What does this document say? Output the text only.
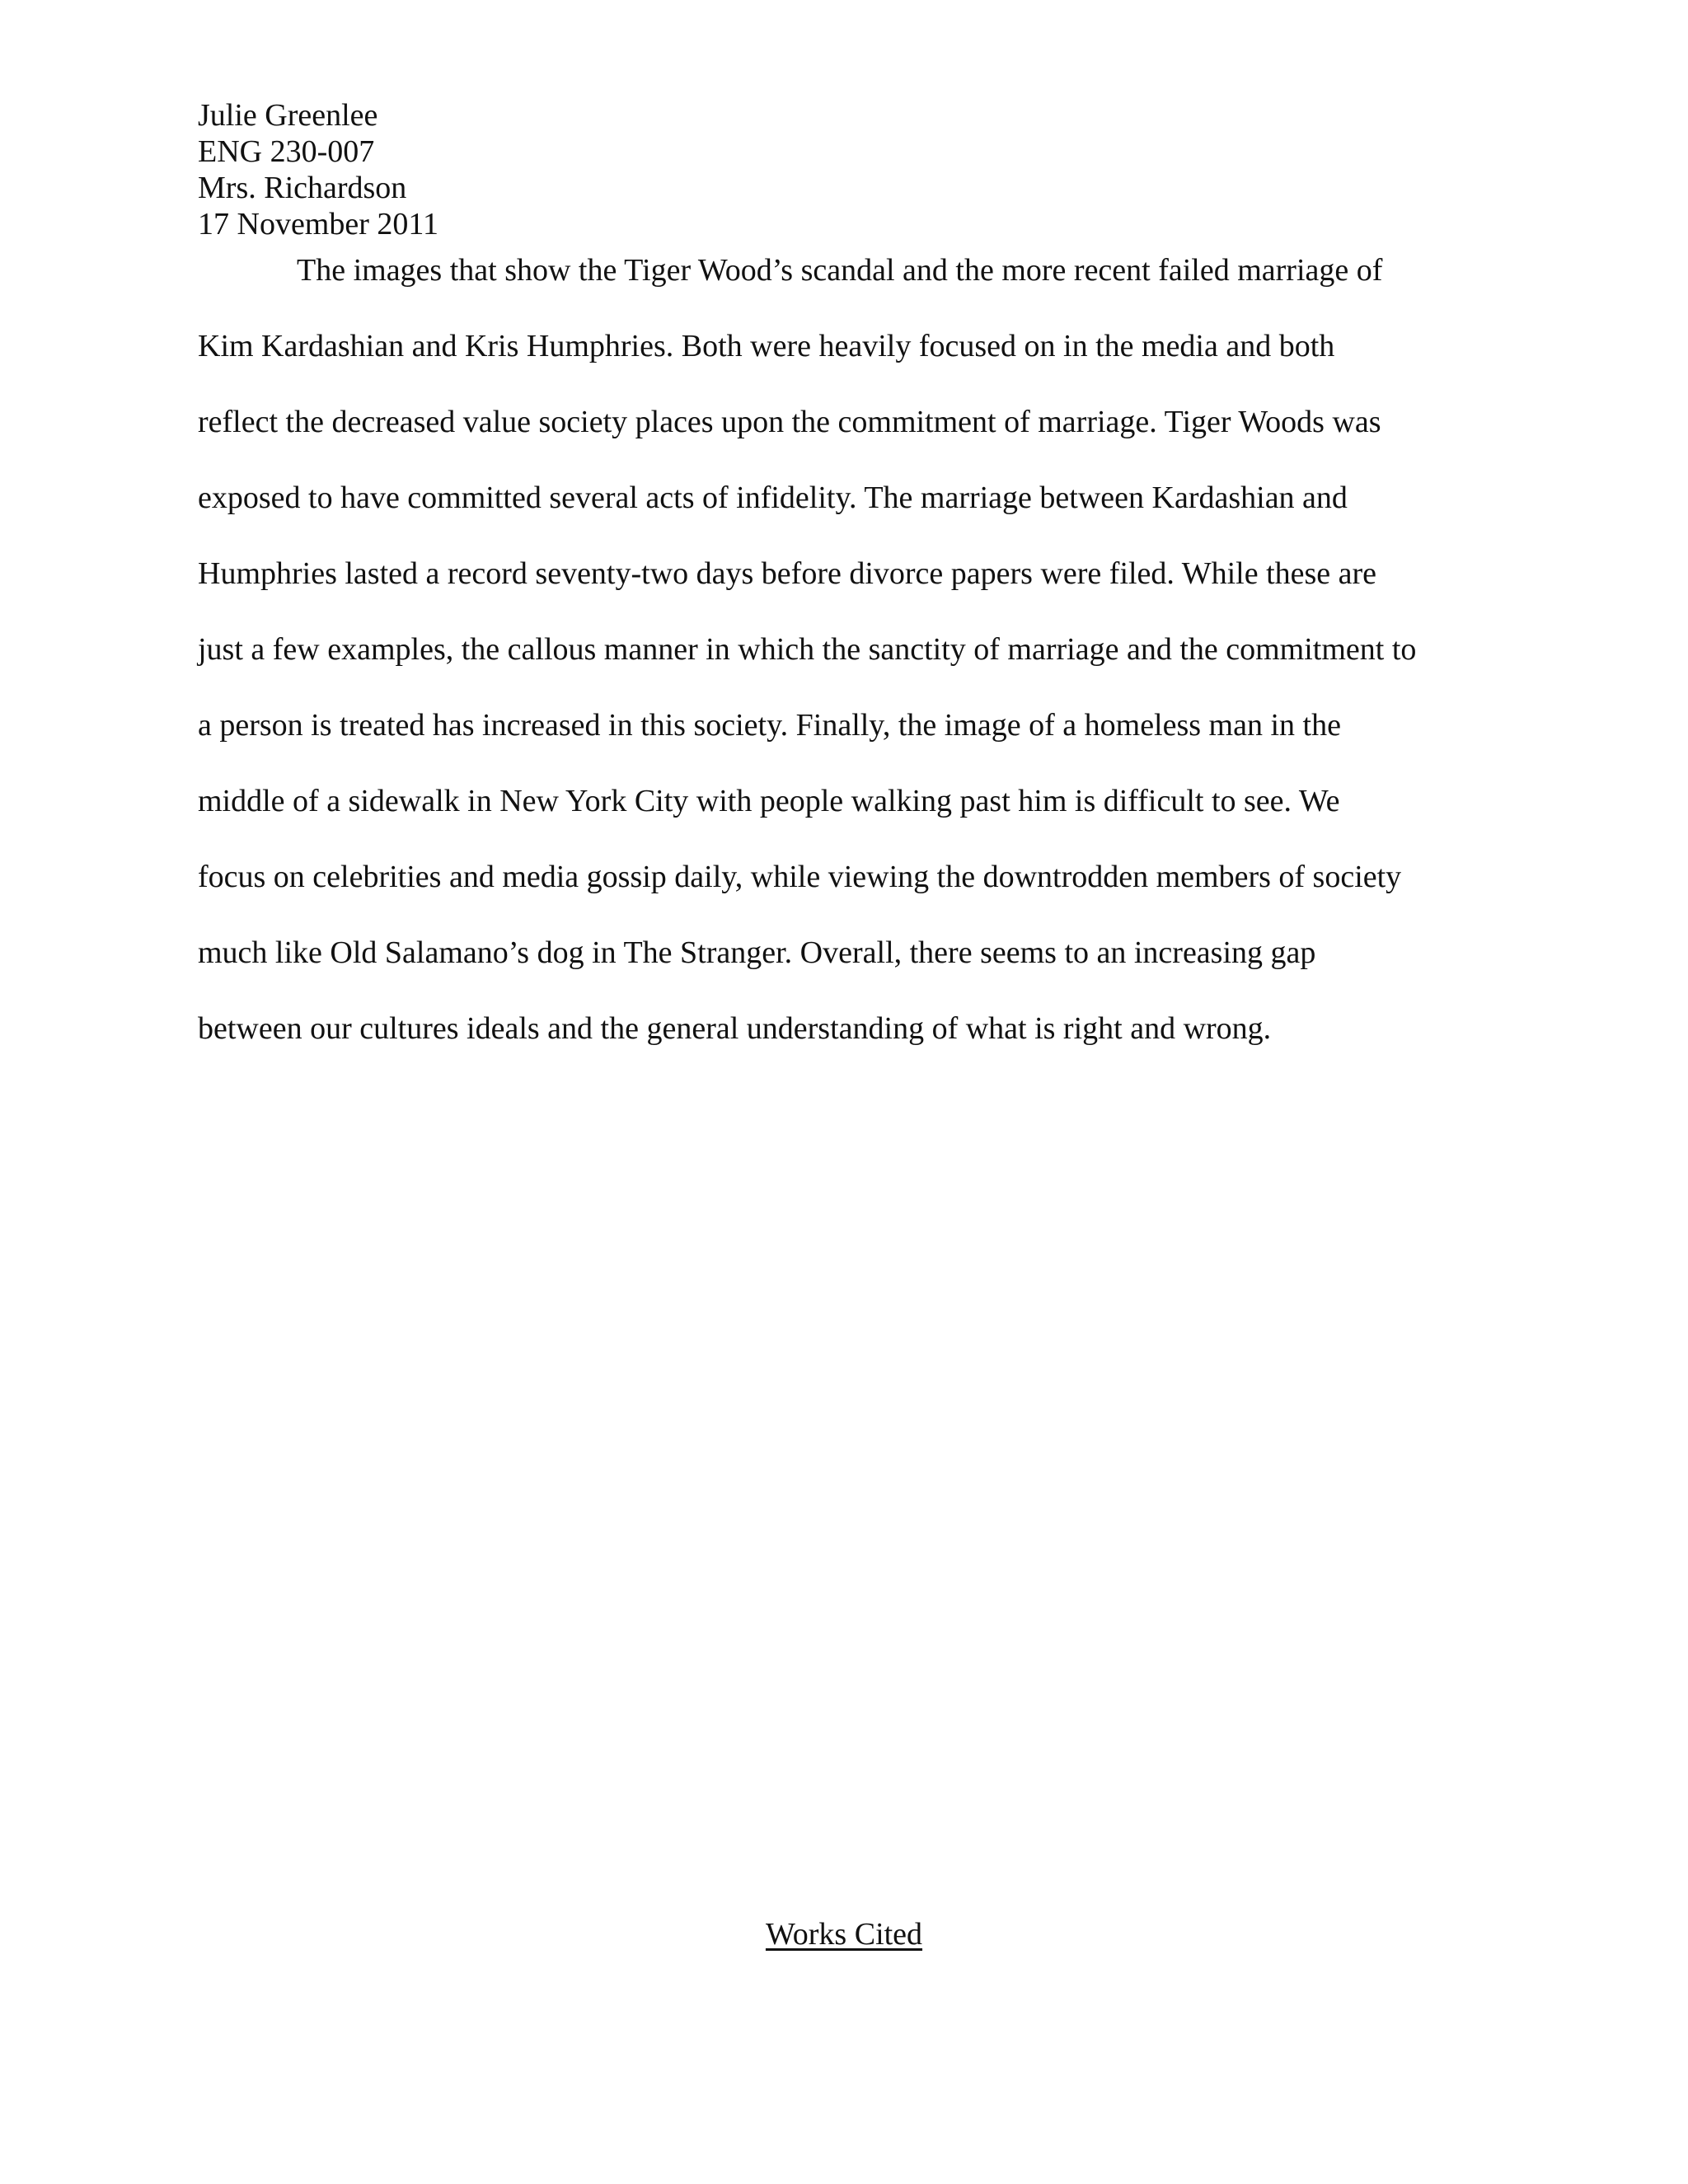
Julie Greenlee
ENG 230-007
Mrs. Richardson
17 November 2011
The images that show the Tiger Wood’s scandal and the more recent failed marriage of
Kim Kardashian and Kris Humphries. Both were heavily focused on in the media and both
reflect the decreased value society places upon the commitment of marriage. Tiger Woods was
exposed to have committed several acts of infidelity. The marriage between Kardashian and
Humphries lasted a record seventy-two days before divorce papers were filed. While these are
just a few examples, the callous manner in which the sanctity of marriage and the commitment to
a person is treated has increased in this society. Finally, the image of a homeless man in the
middle of a sidewalk in New York City with people walking past him is difficult to see. We
focus on celebrities and media gossip daily, while viewing the downtrodden members of society
much like Old Salamano’s dog in The Stranger. Overall, there seems to an increasing gap
between our cultures ideals and the general understanding of what is right and wrong.
Works Cited
